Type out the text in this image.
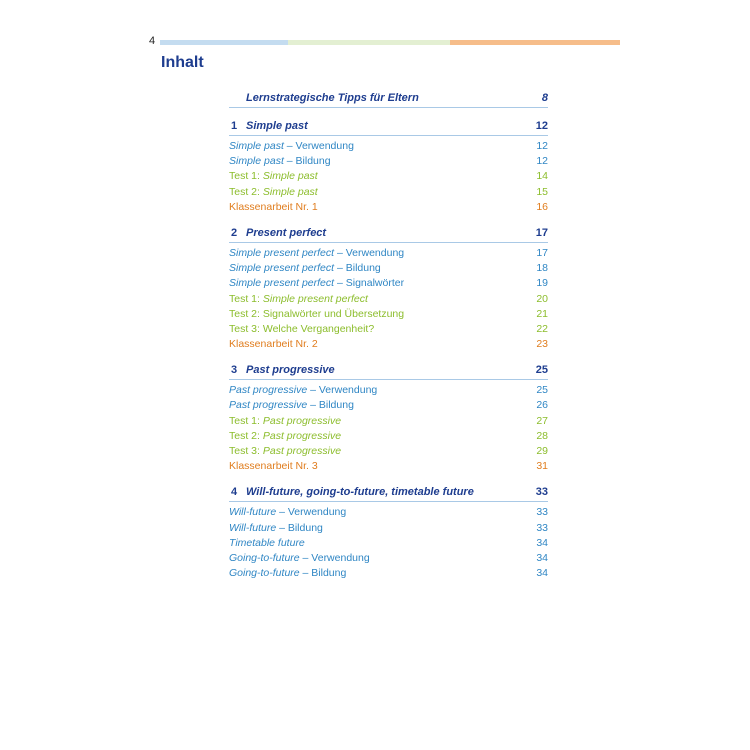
4
Inhalt
Lernstrategische Tipps für Eltern	8
1 Simple past	12
Simple past – Verwendung	12
Simple past – Bildung	12
Test 1: Simple past	14
Test 2: Simple past	15
Klassenarbeit Nr. 1	16
2 Present perfect	17
Simple present perfect – Verwendung	17
Simple present perfect – Bildung	18
Simple present perfect – Signalwörter	19
Test 1: Simple present perfect	20
Test 2: Signalwörter und Übersetzung	21
Test 3: Welche Vergangenheit?	22
Klassenarbeit Nr. 2	23
3 Past progressive	25
Past progressive – Verwendung	25
Past progressive – Bildung	26
Test 1: Past progressive	27
Test 2: Past progressive	28
Test 3: Past progressive	29
Klassenarbeit Nr. 3	31
4 Will-future, going-to-future, timetable future	33
Will-future – Verwendung	33
Will-future – Bildung	33
Timetable future	34
Going-to-future – Verwendung	34
Going-to-future – Bildung	34
